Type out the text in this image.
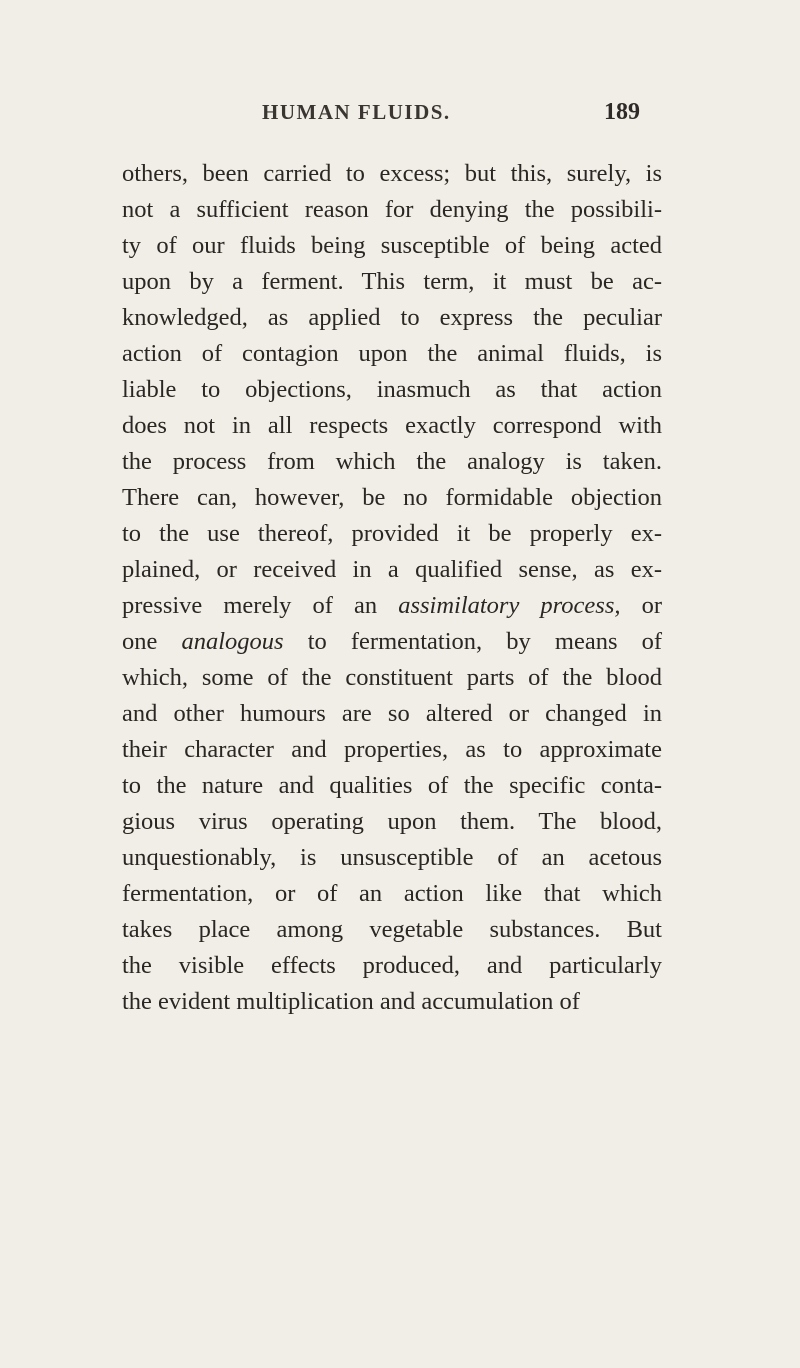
HUMAN FLUIDS.	189
others, been carried to excess; but this, surely, is
not a sufficient reason for denying the possibili-
ty of our fluids being susceptible of being acted
upon by a ferment. This term, it must be ac-
knowledged, as applied to express the peculiar
action of contagion upon the animal fluids, is
liable to objections, inasmuch as that action
does not in all respects exactly correspond with
the process from which the analogy is taken.
There can, however, be no formidable objection
to the use thereof, provided it be properly ex-
plained, or received in a qualified sense, as ex-
pressive merely of an assimilatory process, or
one analogous to fermentation, by means of
which, some of the constituent parts of the blood
and other humours are so altered or changed in
their character and properties, as to approximate
to the nature and qualities of the specific conta-
gious virus operating upon them. The blood,
unquestionably, is unsusceptible of an acetous
fermentation, or of an action like that which
takes place among vegetable substances. But
the visible effects produced, and particularly
the evident multiplication and accumulation of
